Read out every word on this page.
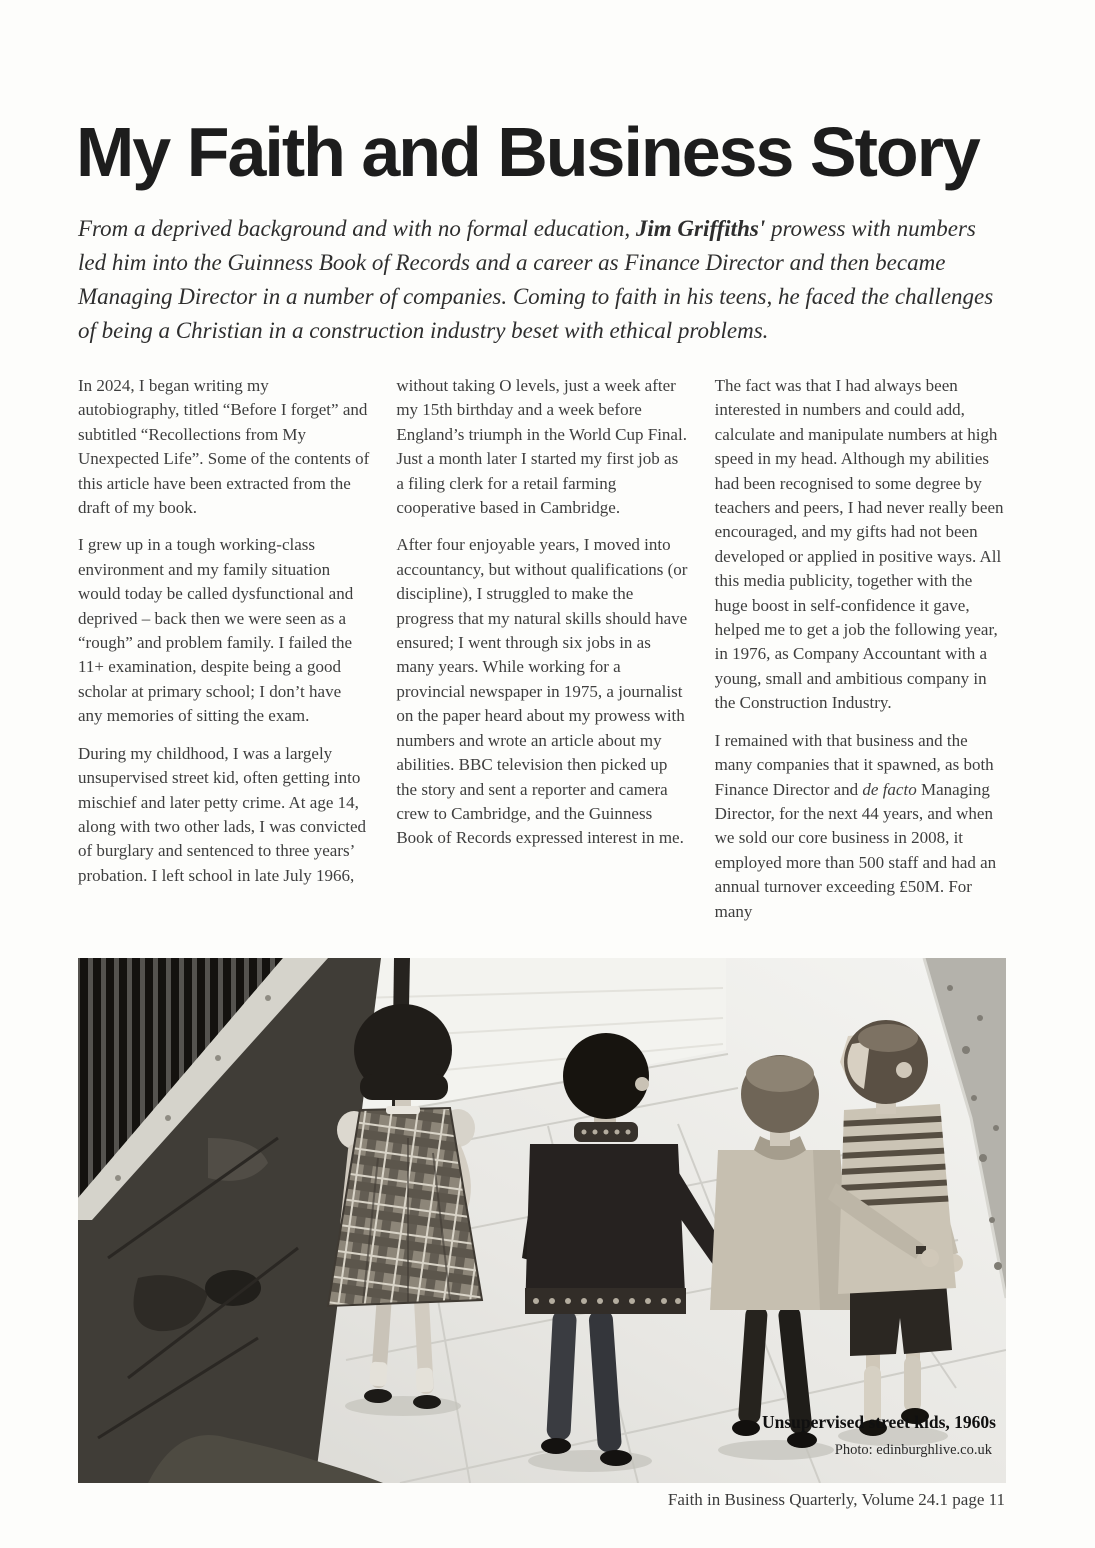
My Faith and Business Story

From a deprived background and with no formal education, Jim Griffiths' prowess with numbers led him into the Guinness Book of Records and a career as Finance Director and then became Managing Director in a number of companies. Coming to faith in his teens, he faced the challenges of being a Christian in a construction industry beset with ethical problems.

In 2024, I began writing my autobiography, titled “Before I forget” and subtitled “Recollections from My Unexpected Life”. Some of the contents of this article have been extracted from the draft of my book.

I grew up in a tough working-class environment and my family situation would today be called dysfunctional and deprived – back then we were seen as a “rough” and problem family. I failed the 11+ examination, despite being a good scholar at primary school; I don’t have any memories of sitting the exam.

During my childhood, I was a largely unsupervised street kid, often getting into mischief and later petty crime. At age 14, along with two other lads, I was convicted of burglary and sentenced to three years’ probation. I left school in late July 1966,

without taking O levels, just a week after my 15th birthday and a week before England’s triumph in the World Cup Final. Just a month later I started my first job as a filing clerk for a retail farming cooperative based in Cambridge.

After four enjoyable years, I moved into accountancy, but without qualifications (or discipline), I struggled to make the progress that my natural skills should have ensured; I went through six jobs in as many years. While working for a provincial newspaper in 1975, a journalist on the paper heard about my prowess with numbers and wrote an article about my abilities. BBC television then picked up the story and sent a reporter and camera crew to Cambridge, and the Guinness Book of Records expressed interest in me.

The fact was that I had always been interested in numbers and could add, calculate and manipulate numbers at high speed in my head. Although my abilities had been recognised to some degree by teachers and peers, I had never really been encouraged, and my gifts had not been developed or applied in positive ways. All this media publicity, together with the huge boost in self-confidence it gave, helped me to get a job the following year, in 1976, as Company Accountant with a young, small and ambitious company in the Construction Industry.

I remained with that business and the many companies that it spawned, as both Finance Director and de facto Managing Director, for the next 44 years, and when we sold our core business in 2008, it employed more than 500 staff and had an annual turnover exceeding £50M. For many

Unsupervised street kids, 1960s
Photo: edinburghlive.co.uk
Faith in Business Quarterly, Volume 24.1 page 11
